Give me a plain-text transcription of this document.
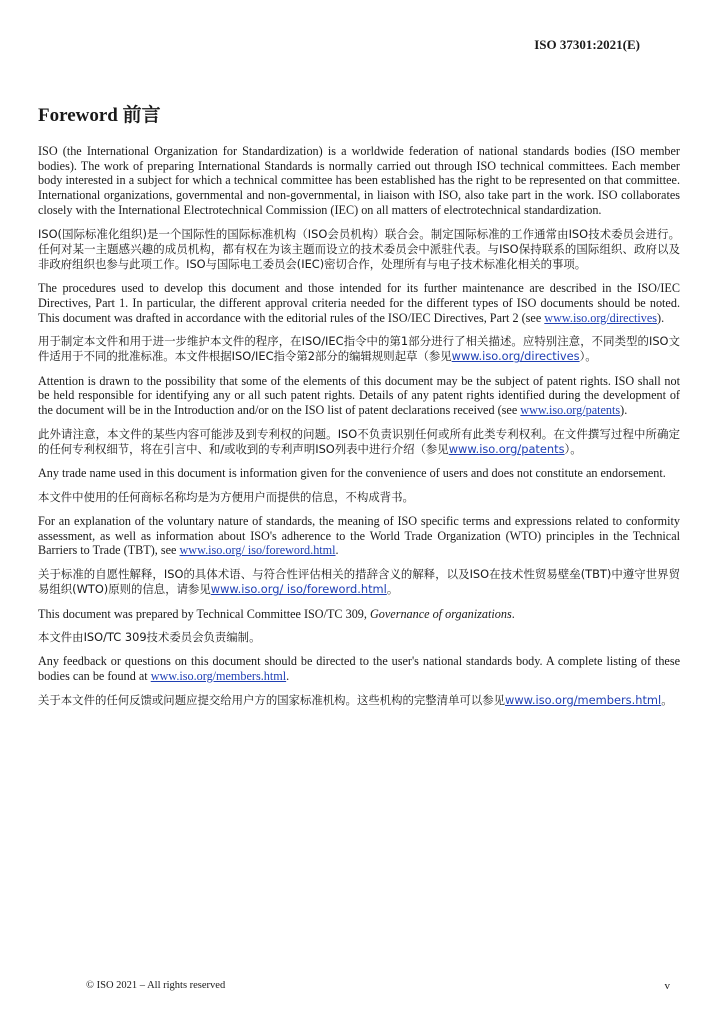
ISO 37301:2021(E)
Foreword 前言

ISO (the International Organization for Standardization) is a worldwide federation of national standards bodies (ISO member bodies). The work of preparing International Standards is normally carried out through ISO technical committees. Each member body interested in a subject for which a technical committee has been established has the right to be represented on that committee. International organizations, governmental and non-governmental, in liaison with ISO, also take part in the work. ISO collaborates closely with the International Electrotechnical Commission (IEC) on all matters of electrotechnical standardization.

ISO(国际标准化组织)是一个国际性的国际标准机构（ISO会员机构）联合会。制定国际标准的工作通常由ISO技术委员会进行。任何对某一主题感兴趣的成员机构，都有权在为该主题而设立的技术委员会中派驻代表。与ISO保持联系的国际组织、政府以及非政府组织也参与此项工作。ISO与国际电工委员会(IEC)密切合作，处理所有与电子技术标准化相关的事项。

The procedures used to develop this document and those intended for its further maintenance are described in the ISO/IEC Directives, Part 1. In particular, the different approval criteria needed for the different types of ISO documents should be noted. This document was drafted in accordance with the editorial rules of the ISO/IEC Directives, Part 2 (see www.iso.org/directives).

用于制定本文件和用于进一步维护本文件的程序，在ISO/IEC指令中的第1部分进行了相关描述。应特别注意，不同类型的ISO文件适用于不同的批准标准。本文件根据ISO/IEC指令第2部分的编辑规则起草（参见www.iso.org/directives）。

Attention is drawn to the possibility that some of the elements of this document may be the subject of patent rights. ISO shall not be held responsible for identifying any or all such patent rights. Details of any patent rights identified during the development of the document will be in the Introduction and/or on the ISO list of patent declarations received (see www.iso.org/patents).

此外请注意，本文件的某些内容可能涉及到专利权的问题。ISO不负责识别任何或所有此类专利权利。在文件撰写过程中所确定的任何专利权细节，将在引言中、和/或收到的专利声明ISO列表中进行介绍（参见www.iso.org/patents）。

Any trade name used in this document is information given for the convenience of users and does not constitute an endorsement.

本文件中使用的任何商标名称均是为方便用户而提供的信息，不构成背书。

For an explanation of the voluntary nature of standards, the meaning of ISO specific terms and expressions related to conformity assessment, as well as information about ISO's adherence to the World Trade Organization (WTO) principles in the Technical Barriers to Trade (TBT), see www.iso.org/ iso/foreword.html.

关于标准的自愿性解释，ISO的具体术语、与符合性评估相关的措辞含义的解释，以及ISO在技术性贸易壁垒(TBT)中遵守世界贸易组织(WTO)原则的信息，请参见www.iso.org/ iso/foreword.html。

This document was prepared by Technical Committee ISO/TC 309, Governance of organizations.

本文件由ISO/TC 309技术委员会负责编制。

Any feedback or questions on this document should be directed to the user's national standards body. A complete listing of these bodies can be found at www.iso.org/members.html.

关于本文件的任何反馈或问题应提交给用户方的国家标准机构。这些机构的完整清单可以参见www.iso.org/members.html。

© ISO 2021 – All rights reserved	v
